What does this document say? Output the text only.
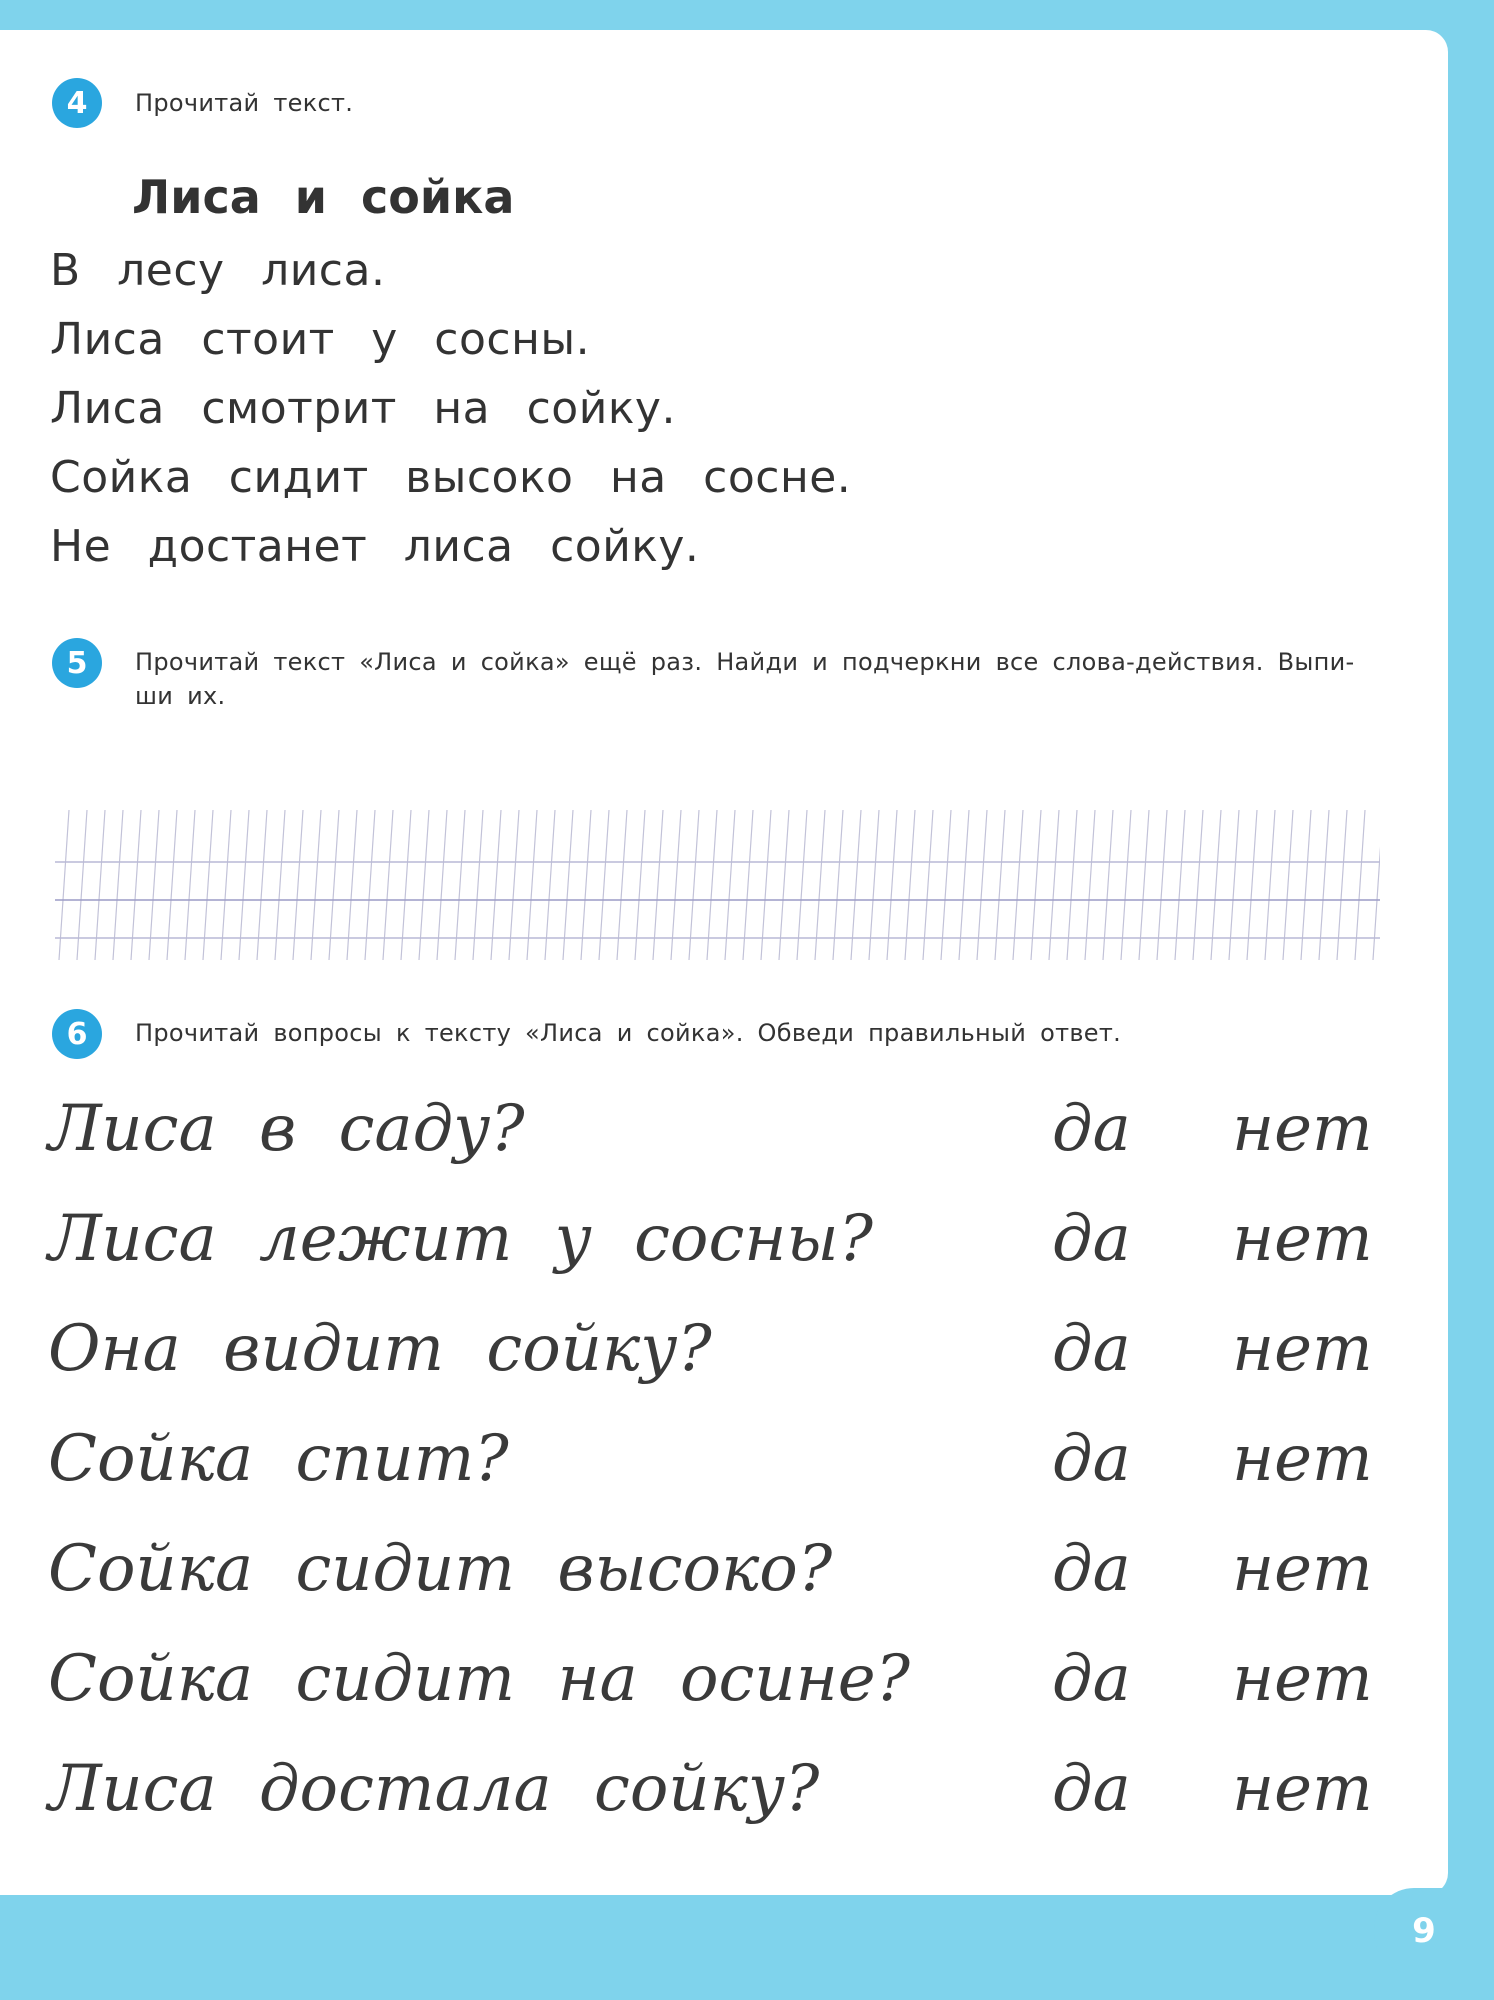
4	Прочитай текст.
Лиса и сойка
В лесу лиса.
Лиса стоит у сосны.
Лиса смотрит на сойку.
Сойка сидит высоко на сосне.
Не достанет лиса сойку.
5	Прочитай текст «Лиса и сойка» ещё раз. Найди и подчеркни все слова-действия. Выпи-
ши их.
6	Прочитай вопросы к тексту «Лиса и сойка». Обведи правильный ответ.
Лиса в саду?	да нет
Лиса лежит у сосны?	да нет
Она видит сойку?	да нет
Сойка спит?	да нет
Сойка сидит высоко?	да нет
Сойка сидит на осине? да нет
Лиса достала сойку?	да нет
9
